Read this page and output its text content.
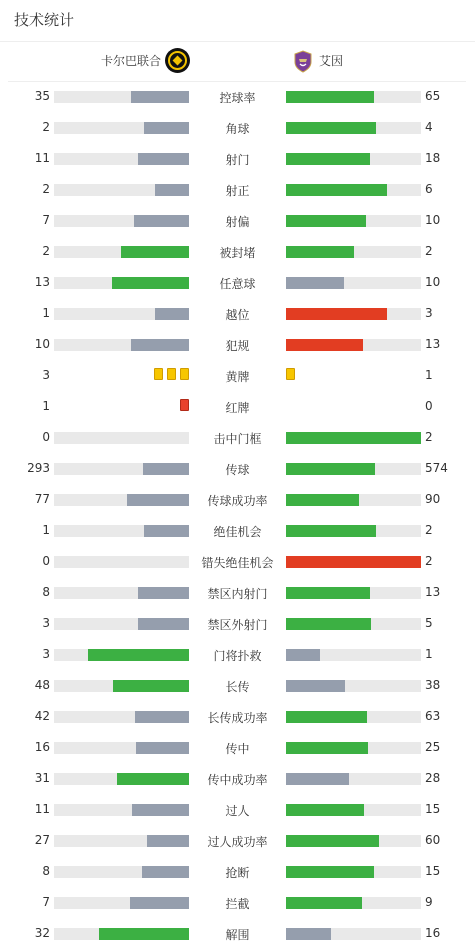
技术统计
卡尔巴联合	艾因
35	控球率	65
2	角球	4
11	射门	18
2	射正	6
7	射偏	10
2	被封堵	2
13	任意球	10
1	越位	3
10	犯规	13
3	黄牌	1
1	红牌	0
0	击中门框	2
293	传球	574
77	传球成功率	90
1	绝佳机会	2
0	错失绝佳机会	2
8	禁区内射门	13
3	禁区外射门	5
3	门将扑救	1
48	长传	38
42	长传成功率	63
16	传中	25
31	传中成功率	28
11	过人	15
27	过人成功率	60
8	抢断	15
7	拦截	9
32	解围	16
